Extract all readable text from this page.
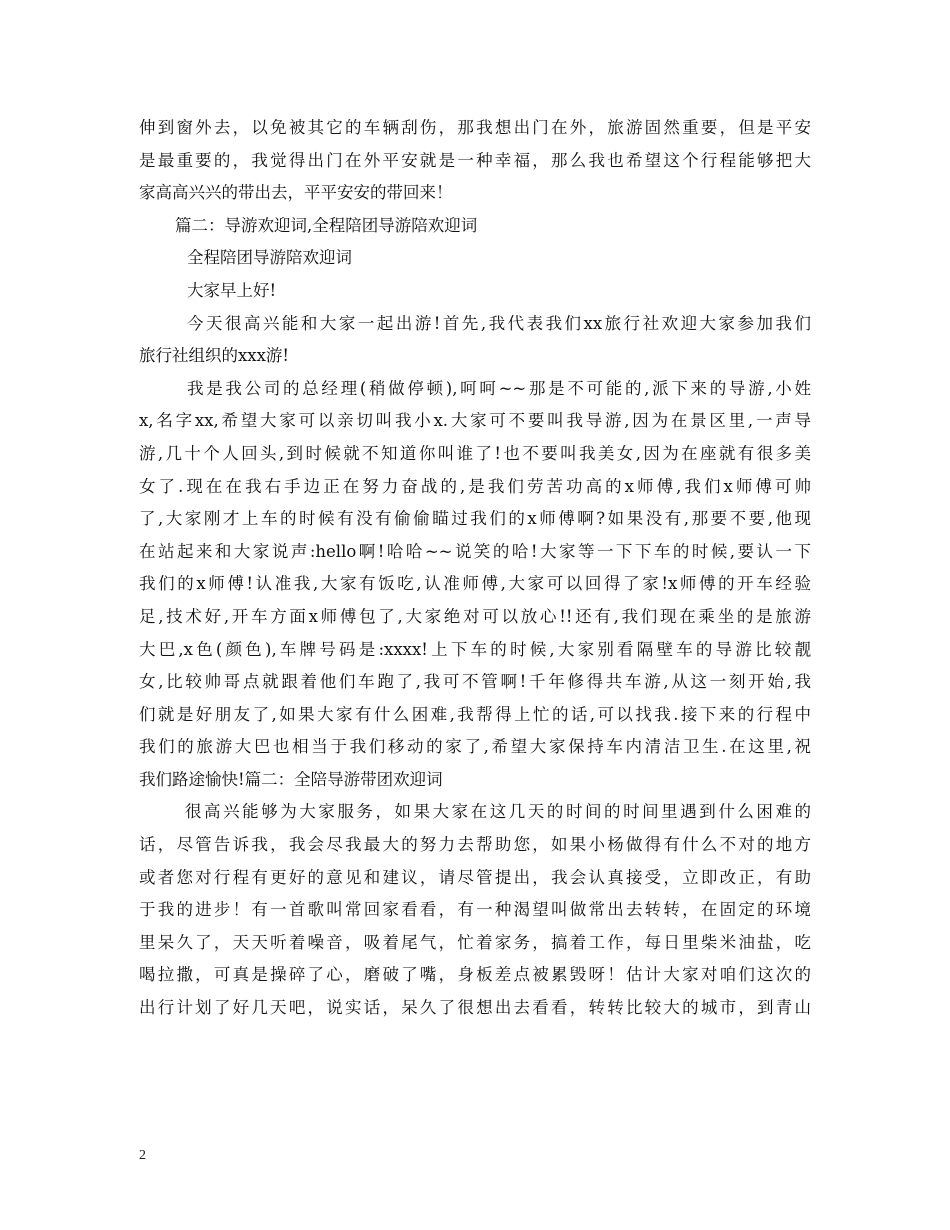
伸到窗外去，以免被其它的车辆刮伤，那我想出门在外，旅游固然重要，但是平安
是最重要的，我觉得出门在外平安就是一种幸福，那么我也希望这个行程能够把大
家高高兴兴的带出去，平平安安的带回来！
篇二：导游欢迎词,全程陪团导游陪欢迎词
全程陪团导游陪欢迎词
大家早上好!
今天很高兴能和大家一起出游!首先,我代表我们xx旅行社欢迎大家参加我们
旅行社组织的xxx游!
我是我公司的总经理(稍做停顿),呵呵~~那是不可能的,派下来的导游,小姓
x,名字xx,希望大家可以亲切叫我小x.大家可不要叫我导游,因为在景区里,一声导
游,几十个人回头,到时候就不知道你叫谁了!也不要叫我美女,因为在座就有很多美
女了.现在在我右手边正在努力奋战的,是我们劳苦功高的x师傅,我们x师傅可帅
了,大家刚才上车的时候有没有偷偷瞄过我们的x师傅啊?如果没有,那要不要,他现
在站起来和大家说声:hello啊!哈哈~~说笑的哈!大家等一下下车的时候,要认一下
我们的x师傅!认准我,大家有饭吃,认准师傅,大家可以回得了家!x师傅的开车经验
足,技术好,开车方面x师傅包了,大家绝对可以放心!!还有,我们现在乘坐的是旅游
大巴,x色(颜色),车牌号码是:xxxx!上下车的时候,大家别看隔壁车的导游比较靓
女,比较帅哥点就跟着他们车跑了,我可不管啊!千年修得共车游,从这一刻开始,我
们就是好朋友了,如果大家有什么困难,我帮得上忙的话,可以找我.接下来的行程中
我们的旅游大巴也相当于我们移动的家了,希望大家保持车内清洁卫生.在这里,祝
我们路途愉快!篇二：全陪导游带团欢迎词
很高兴能够为大家服务，如果大家在这几天的时间的时间里遇到什么困难的
话，尽管告诉我，我会尽我最大的努力去帮助您，如果小杨做得有什么不对的地方
或者您对行程有更好的意见和建议，请尽管提出，我会认真接受，立即改正，有助
于我的进步！有一首歌叫常回家看看，有一种渴望叫做常出去转转，在固定的环境
里呆久了，天天听着噪音，吸着尾气，忙着家务，搞着工作，每日里柴米油盐，吃
喝拉撒，可真是操碎了心，磨破了嘴，身板差点被累毁呀！估计大家对咱们这次的
出行计划了好几天吧，说实话，呆久了很想出去看看，转转比较大的城市，到青山
2
